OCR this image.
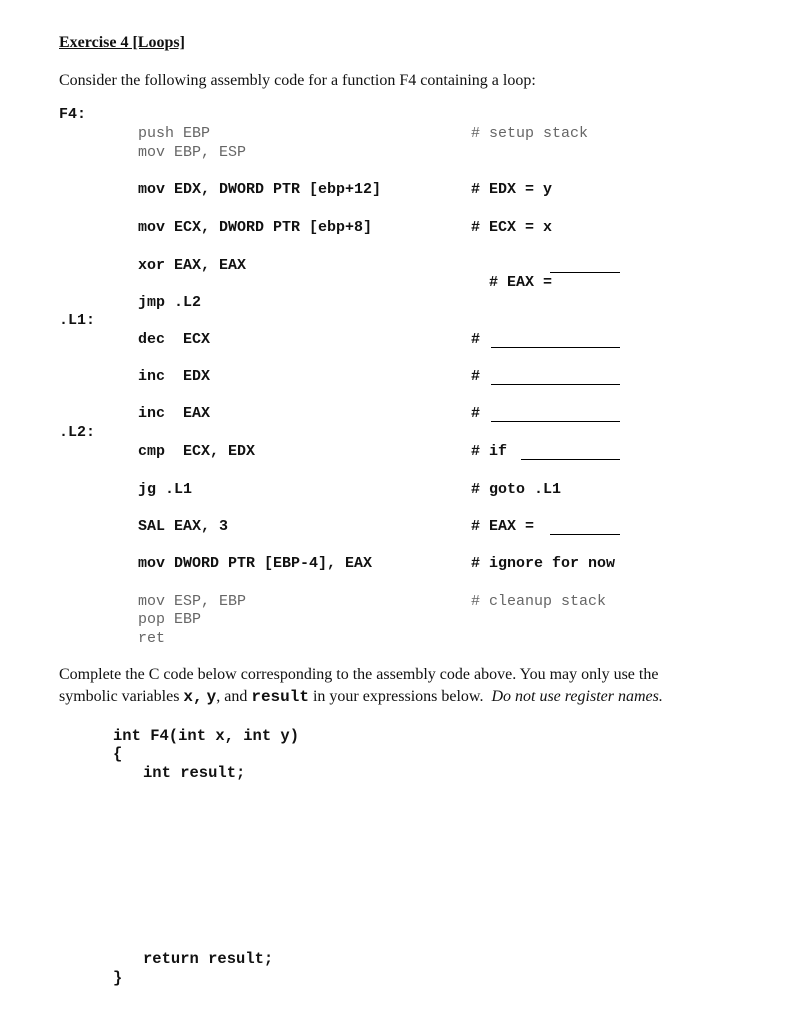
Exercise 4 [Loops]
Consider the following assembly code for a function F4 containing a loop:
F4:
.L1:
.L2:
push EBP
mov EBP, ESP
mov EDX, DWORD PTR [ebp+12]
mov ECX, DWORD PTR [ebp+8]
xor EAX, EAX
jmp .L2
dec  ECX
inc  EDX
inc  EAX
cmp  ECX, EDX
jg .L1
SAL EAX, 3
mov DWORD PTR [EBP-4], EAX
mov ESP, EBP
pop EBP
ret
# setup stack
# EDX = y
# ECX = x

# EAX =

#
#
#
# if
# goto .L1
# EAX =
# ignore for now
# cleanup stack
Complete the C code below corresponding to the assembly code above. You may only use the
symbolic variables x, y, and result in your expressions below. Do not use register names.
int F4(int x, int y)
{
int result;
return result;
}
